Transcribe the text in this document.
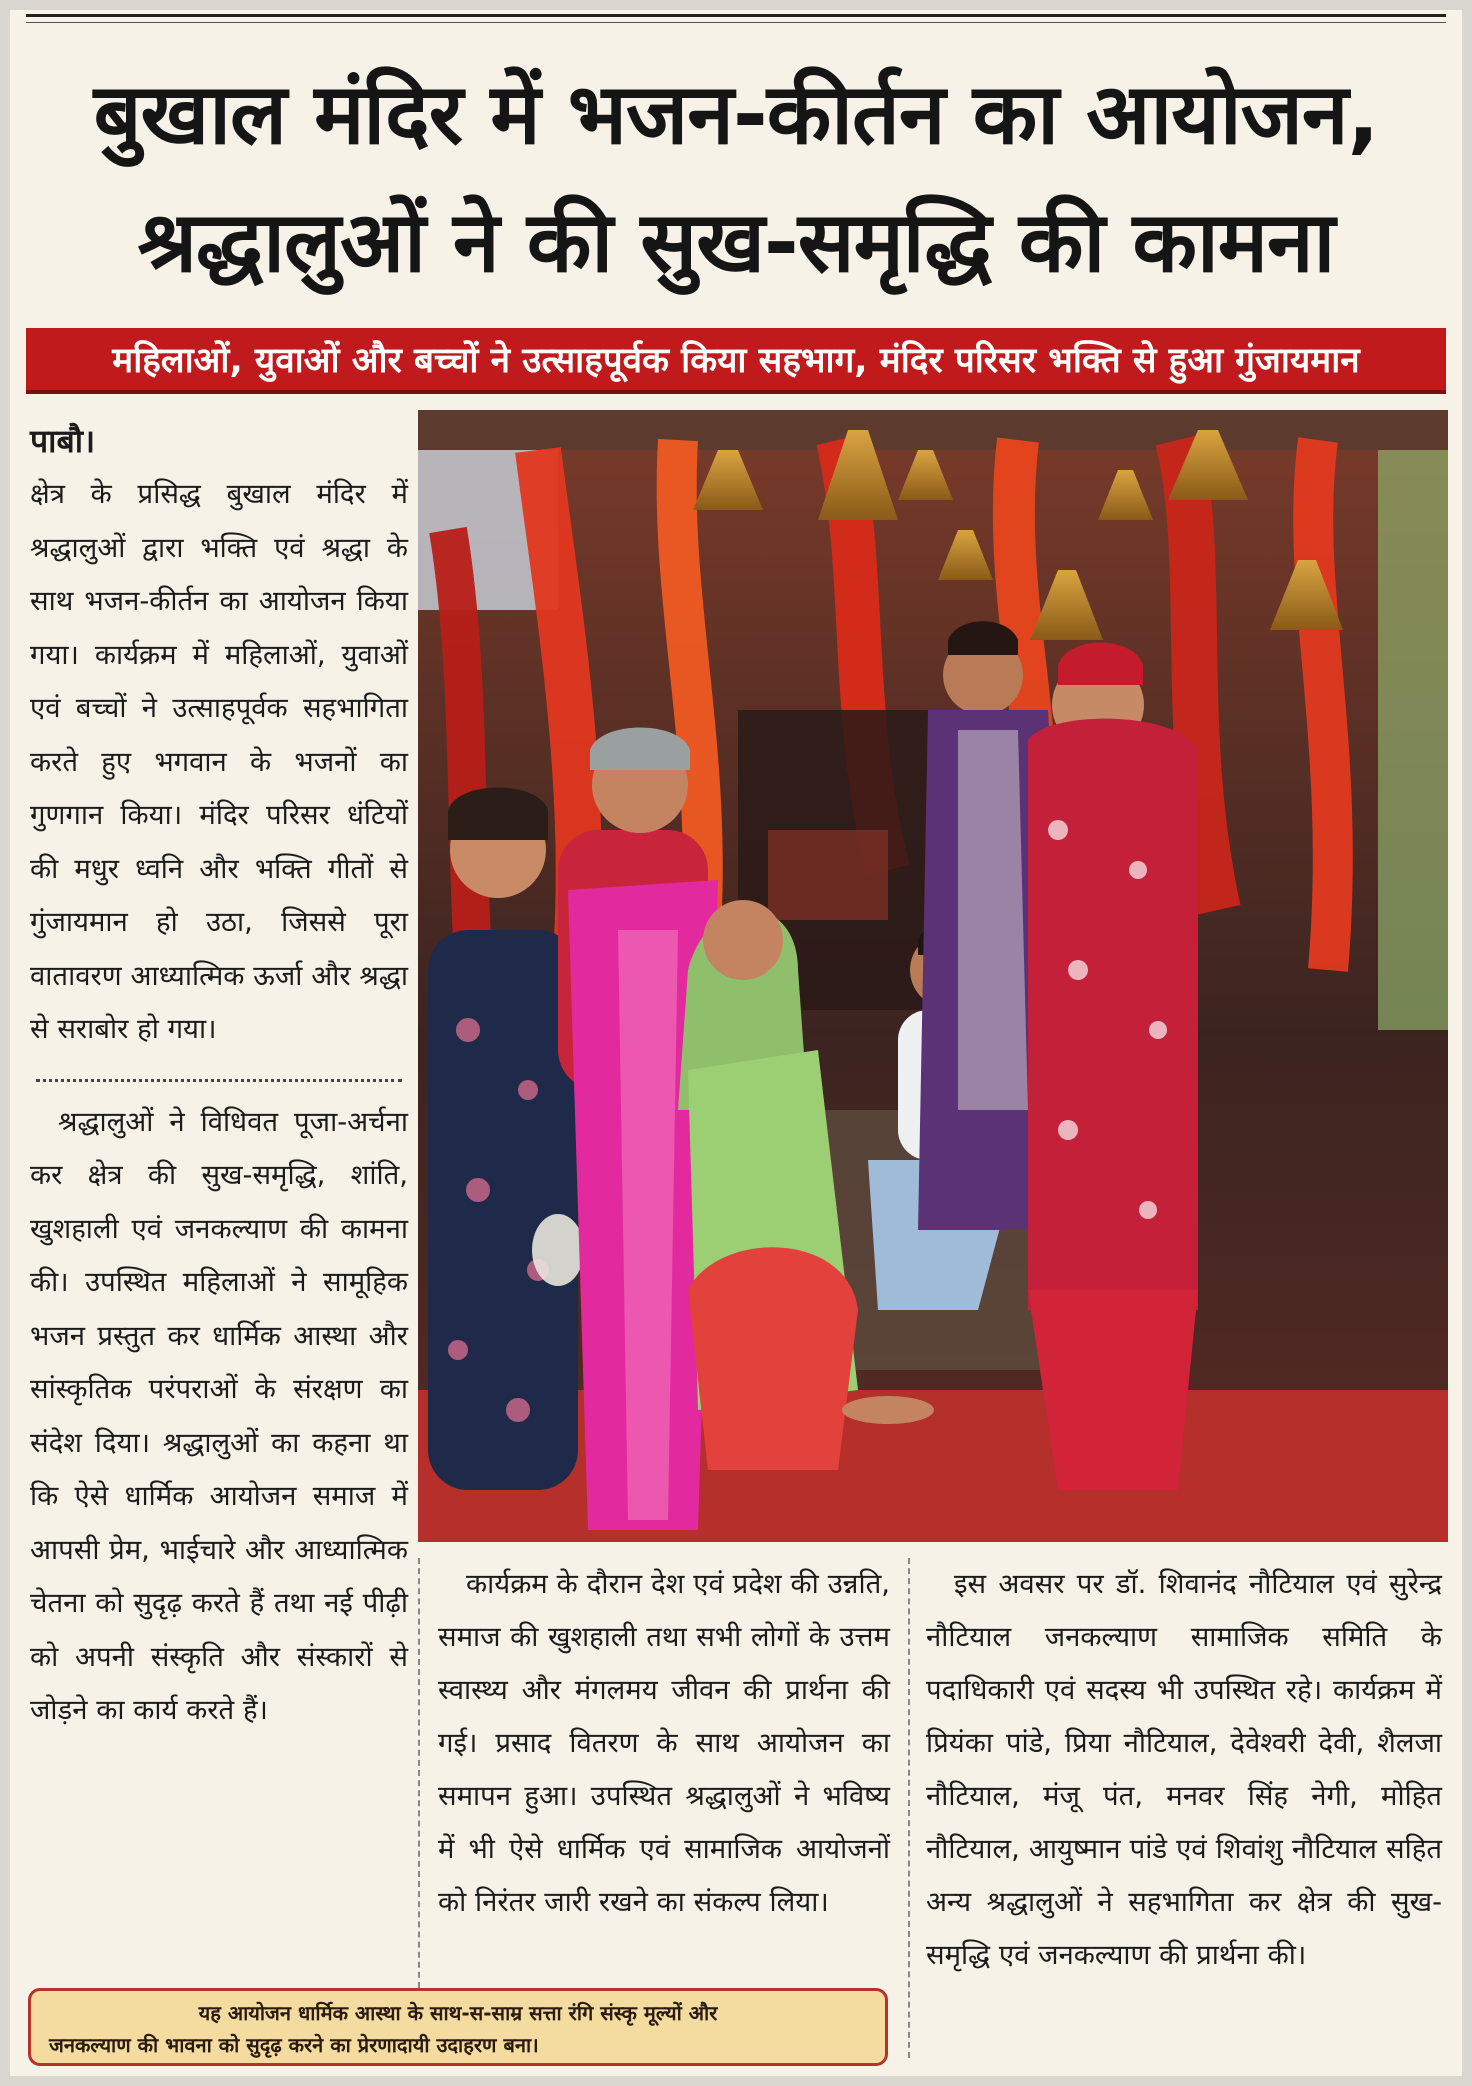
बुखाल मंदिर में भजन-कीर्तन का आयोजन,
श्रद्धालुओं ने की सुख-समृद्धि की कामना
महिलाओं, युवाओं और बच्चों ने उत्साहपूर्वक किया सहभाग, मंदिर परिसर भक्ति से हुआ गुंजायमान
पाबौ।

क्षेत्र के प्रसिद्ध बुखाल मंदिर में श्रद्धालुओं द्वारा भक्ति एवं श्रद्धा के साथ भजन-कीर्तन का आयोजन किया गया। कार्यक्रम में महिलाओं, युवाओं एवं बच्चों ने उत्साहपूर्वक सहभागिता करते हुए भगवान के भजनों का गुणगान किया। मंदिर परिसर धंटियों की मधुर ध्वनि और भक्ति गीतों से गुंजायमान हो उठा, जिससे पूरा वातावरण आध्यात्मिक ऊर्जा और श्रद्धा से सराबोर हो गया।

श्रद्धालुओं ने विधिवत पूजा-अर्चना कर क्षेत्र की सुख-समृद्धि, शांति, खुशहाली एवं जनकल्याण की कामना की। उपस्थित महिलाओं ने सामूहिक भजन प्रस्तुत कर धार्मिक आस्था और सांस्कृतिक परंपराओं के संरक्षण का संदेश दिया। श्रद्धालुओं का कहना था कि ऐसे धार्मिक आयोजन समाज में आपसी प्रेम, भाईचारे और आध्यात्मिक चेतना को सुदृढ़ करते हैं तथा नई पीढ़ी को अपनी संस्कृति और संस्कारों से जोड़ने का कार्य करते हैं।

कार्यक्रम के दौरान देश एवं प्रदेश की उन्नति, समाज की खुशहाली तथा सभी लोगों के उत्तम स्वास्थ्य और मंगलमय जीवन की प्रार्थना की गई। प्रसाद वितरण के साथ आयोजन का समापन हुआ। उपस्थित श्रद्धालुओं ने भविष्य में भी ऐसे धार्मिक एवं सामाजिक आयोजनों को निरंतर जारी रखने का संकल्प लिया।

इस अवसर पर डॉ. शिवानंद नौटियाल एवं सुरेन्द्र नौटियाल जनकल्याण सामाजिक समिति के पदाधिकारी एवं सदस्य भी उपस्थित रहे। कार्यक्रम में प्रियंका पांडे, प्रिया नौटियाल, देवेश्वरी देवी, शैलजा नौटियाल, मंजू पंत, मनवर सिंह नेगी, मोहित नौटियाल, आयुष्मान पांडे एवं शिवांशु नौटियाल सहित अन्य श्रद्धालुओं ने सहभागिता कर क्षेत्र की सुख-समृद्धि एवं जनकल्याण की प्रार्थना की।

यह आयोजन धार्मिक आस्था के साथ-स-साम्र सत्ता रंगि संस्कृ मूल्यों और
जनकल्याण की भावना को सुदृढ़ करने का प्रेरणादायी उदाहरण बना।
